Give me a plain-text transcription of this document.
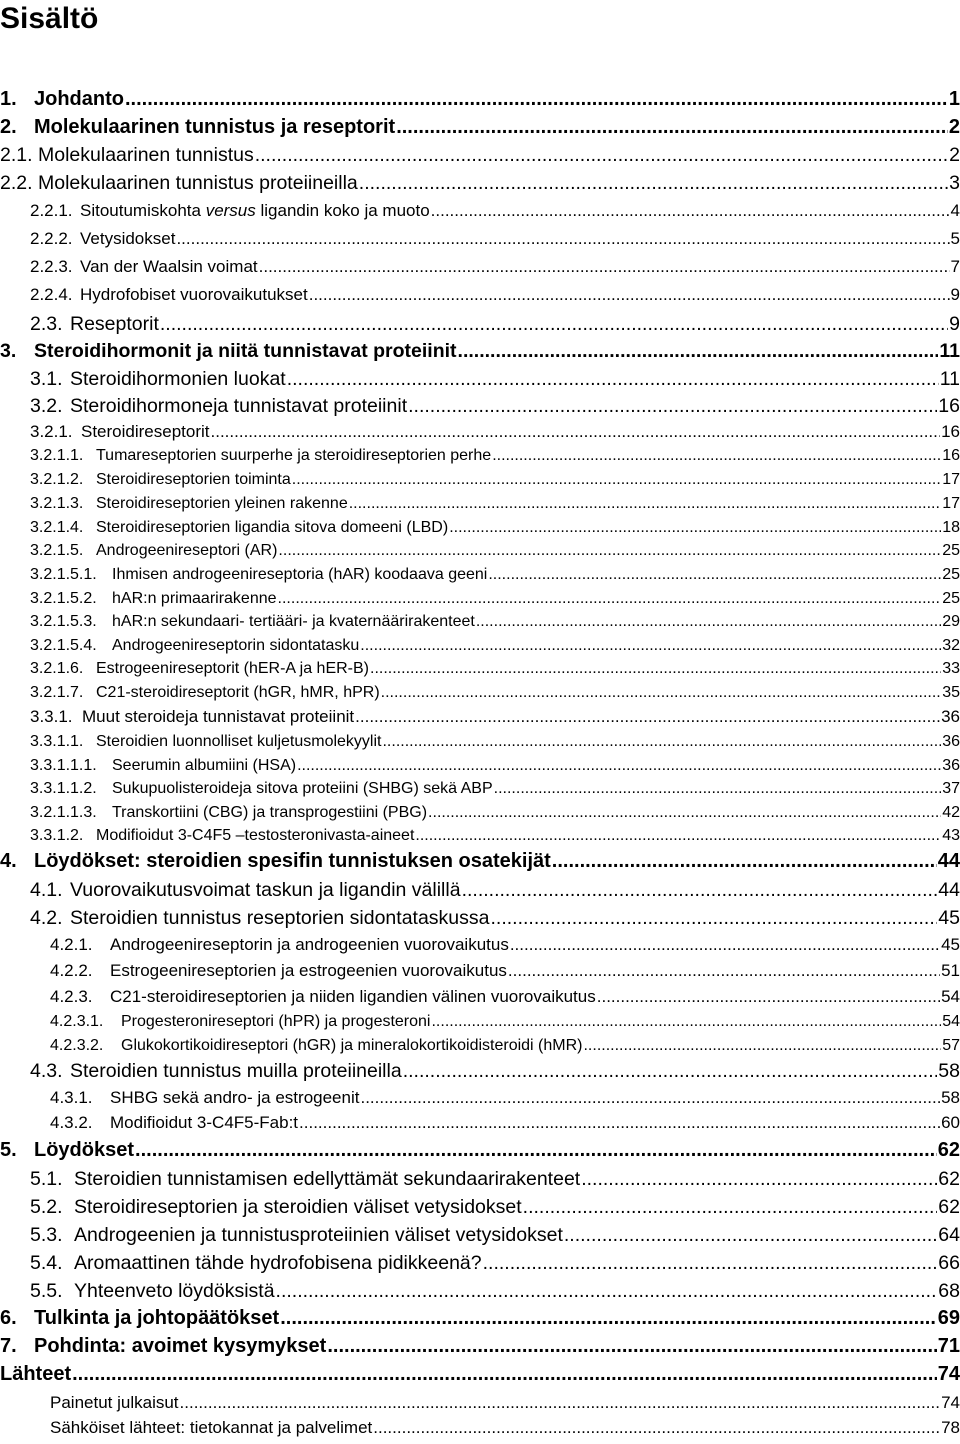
Sisältö
1. Johdanto .....	1
2. Molekulaarinen tunnistus ja reseptorit .....	2
2.1. Molekulaarinen tunnistus .....	2
2.2. Molekulaarinen tunnistus proteiineilla .....	3
2.2.1. Sitoutumiskohta versus ligandin koko ja muoto .....	4
2.2.2. Vetysidokset .....	5
2.2.3. Van der Waalsin voimat .....	7
2.2.4. Hydrofobiset vuorovaikutukset .....	9
2.3. Reseptorit .....	9
3. Steroidihormonit ja niitä tunnistavat proteiinit .....	11
3.1. Steroidihormonien luokat .....	11
3.2. Steroidihormoneja tunnistavat proteiinit .....	16
3.2.1. Steroidireseptorit .....	16
3.2.1.1. Tumareseptorien suurperhe ja steroidireseptorien perhe .....	16
3.2.1.2. Steroidireseptorien toiminta .....	17
3.2.1.3. Steroidireseptorien yleinen rakenne .....	17
3.2.1.4. Steroidireseptorien ligandia sitova domeeni (LBD) .....	18
3.2.1.5. Androgeenireseptori (AR) .....	25
3.2.1.5.1. Ihmisen androgeenireseptoria (hAR) koodaava geeni .....	25
3.2.1.5.2. hAR:n primaarirakenne .....	25
3.2.1.5.3. hAR:n sekundaari- tertiääri- ja kvaternäärirakenteet .....	29
3.2.1.5.4. Androgeenireseptorin sidontatasku .....	32
3.2.1.6. Estrogeenireseptorit (hER-A ja hER-B) .....	33
3.2.1.7. C21-steroidireseptorit (hGR, hMR, hPR) .....	35
3.3.1. Muut steroideja tunnistavat proteiinit .....	36
3.3.1.1. Steroidien luonnolliset kuljetusmolekyylit .....	36
3.3.1.1.1. Seerumin albumiini (HSA) .....	36
3.3.1.1.2. Sukupuolisteroideja sitova proteiini (SHBG) sekä ABP .....	37
3.2.1.1.3. Transkortiini (CBG) ja transprogestiini (PBG) .....	42
3.3.1.2. Modifioidut 3-C4F5 –testosteronivasta-aineet .....	43
4. Löydökset: steroidien spesifin tunnistuksen osatekijät .....	44
4.1. Vuorovaikutusvoimat taskun ja ligandin välillä .....	44
4.2. Steroidien tunnistus reseptorien sidontataskussa .....	45
4.2.1. Androgeenireseptorin ja androgeenien vuorovaikutus .....	45
4.2.2. Estrogeenireseptorien ja estrogeenien vuorovaikutus .....	51
4.2.3. C21-steroidireseptorien ja niiden ligandien välinen vuorovaikutus .....	54
4.2.3.1. Progesteronireseptori (hPR) ja progesteroni .....	54
4.2.3.2. Glukokortikoidireseptori (hGR) ja mineralokortikoidisteroidi (hMR) .....	57
4.3. Steroidien tunnistus muilla proteiineilla .....	58
4.3.1. SHBG sekä andro- ja estrogeenit .....	58
4.3.2. Modifioidut 3-C4F5-Fab:t .....	60
5. Löydökset .....	62
5.1. Steroidien tunnistamisen edellyttämät sekundaarirakenteet .....	62
5.2. Steroidireseptorien ja steroidien väliset vetysidokset .....	62
5.3. Androgeenien ja tunnistusproteiinien väliset vetysidokset .....	64
5.4. Aromaattinen tähde hydrofobisena pidikkeenä? .....	66
5.5. Yhteenveto löydöksistä .....	68
6. Tulkinta ja johtopäätökset .....	69
7. Pohdinta: avoimet kysymykset .....	71
Lähteet .....	74
Painetut julkaisut .....	74
Sähköiset lähteet: tietokannat ja palvelimet .....	78
